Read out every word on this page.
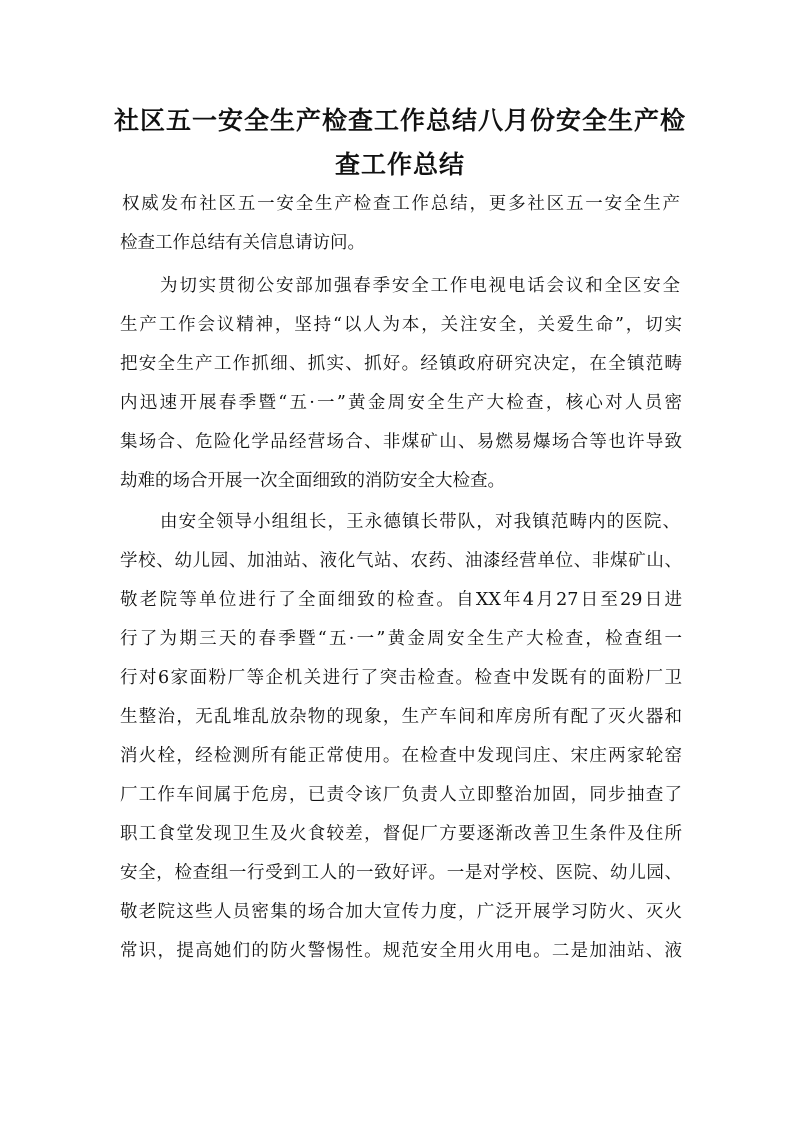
社区五一安全生产检查工作总结八月份安全生产检
查工作总结

权威发布社区五一安全生产检查工作总结，更多社区五一安全生产

检查工作总结有关信息请访问。

为切实贯彻公安部加强春季安全工作电视电话会议和全区安全

生产工作会议精神，坚持“以人为本，关注安全，关爱生命”，切实

把安全生产工作抓细、抓实、抓好。经镇政府研究决定，在全镇范畴

内迅速开展春季暨“五·一”黄金周安全生产大检查，核心对人员密

集场合、危险化学品经营场合、非煤矿山、易燃易爆场合等也许导致

劫难的场合开展一次全面细致的消防安全大检查。

由安全领导小组组长，王永德镇长带队，对我镇范畴内的医院、

学校、幼儿园、加油站、液化气站、农药、油漆经营单位、非煤矿山、

敬老院等单位进行了全面细致的检查。自XX年4月27日至29日进

行了为期三天的春季暨“五·一”黄金周安全生产大检查，检查组一

行对6家面粉厂等企机关进行了突击检查。检查中发既有的面粉厂卫

生整治，无乱堆乱放杂物的现象，生产车间和库房所有配了灭火器和

消火栓，经检测所有能正常使用。在检查中发现闫庄、宋庄两家轮窑

厂工作车间属于危房，已责令该厂负责人立即整治加固，同步抽查了

职工食堂发现卫生及火食较差，督促厂方要逐渐改善卫生条件及住所

安全，检查组一行受到工人的一致好评。一是对学校、医院、幼儿园、

敬老院这些人员密集的场合加大宣传力度，广泛开展学习防火、灭火

常识，提高她们的防火警惕性。规范安全用火用电。二是加油站、液
